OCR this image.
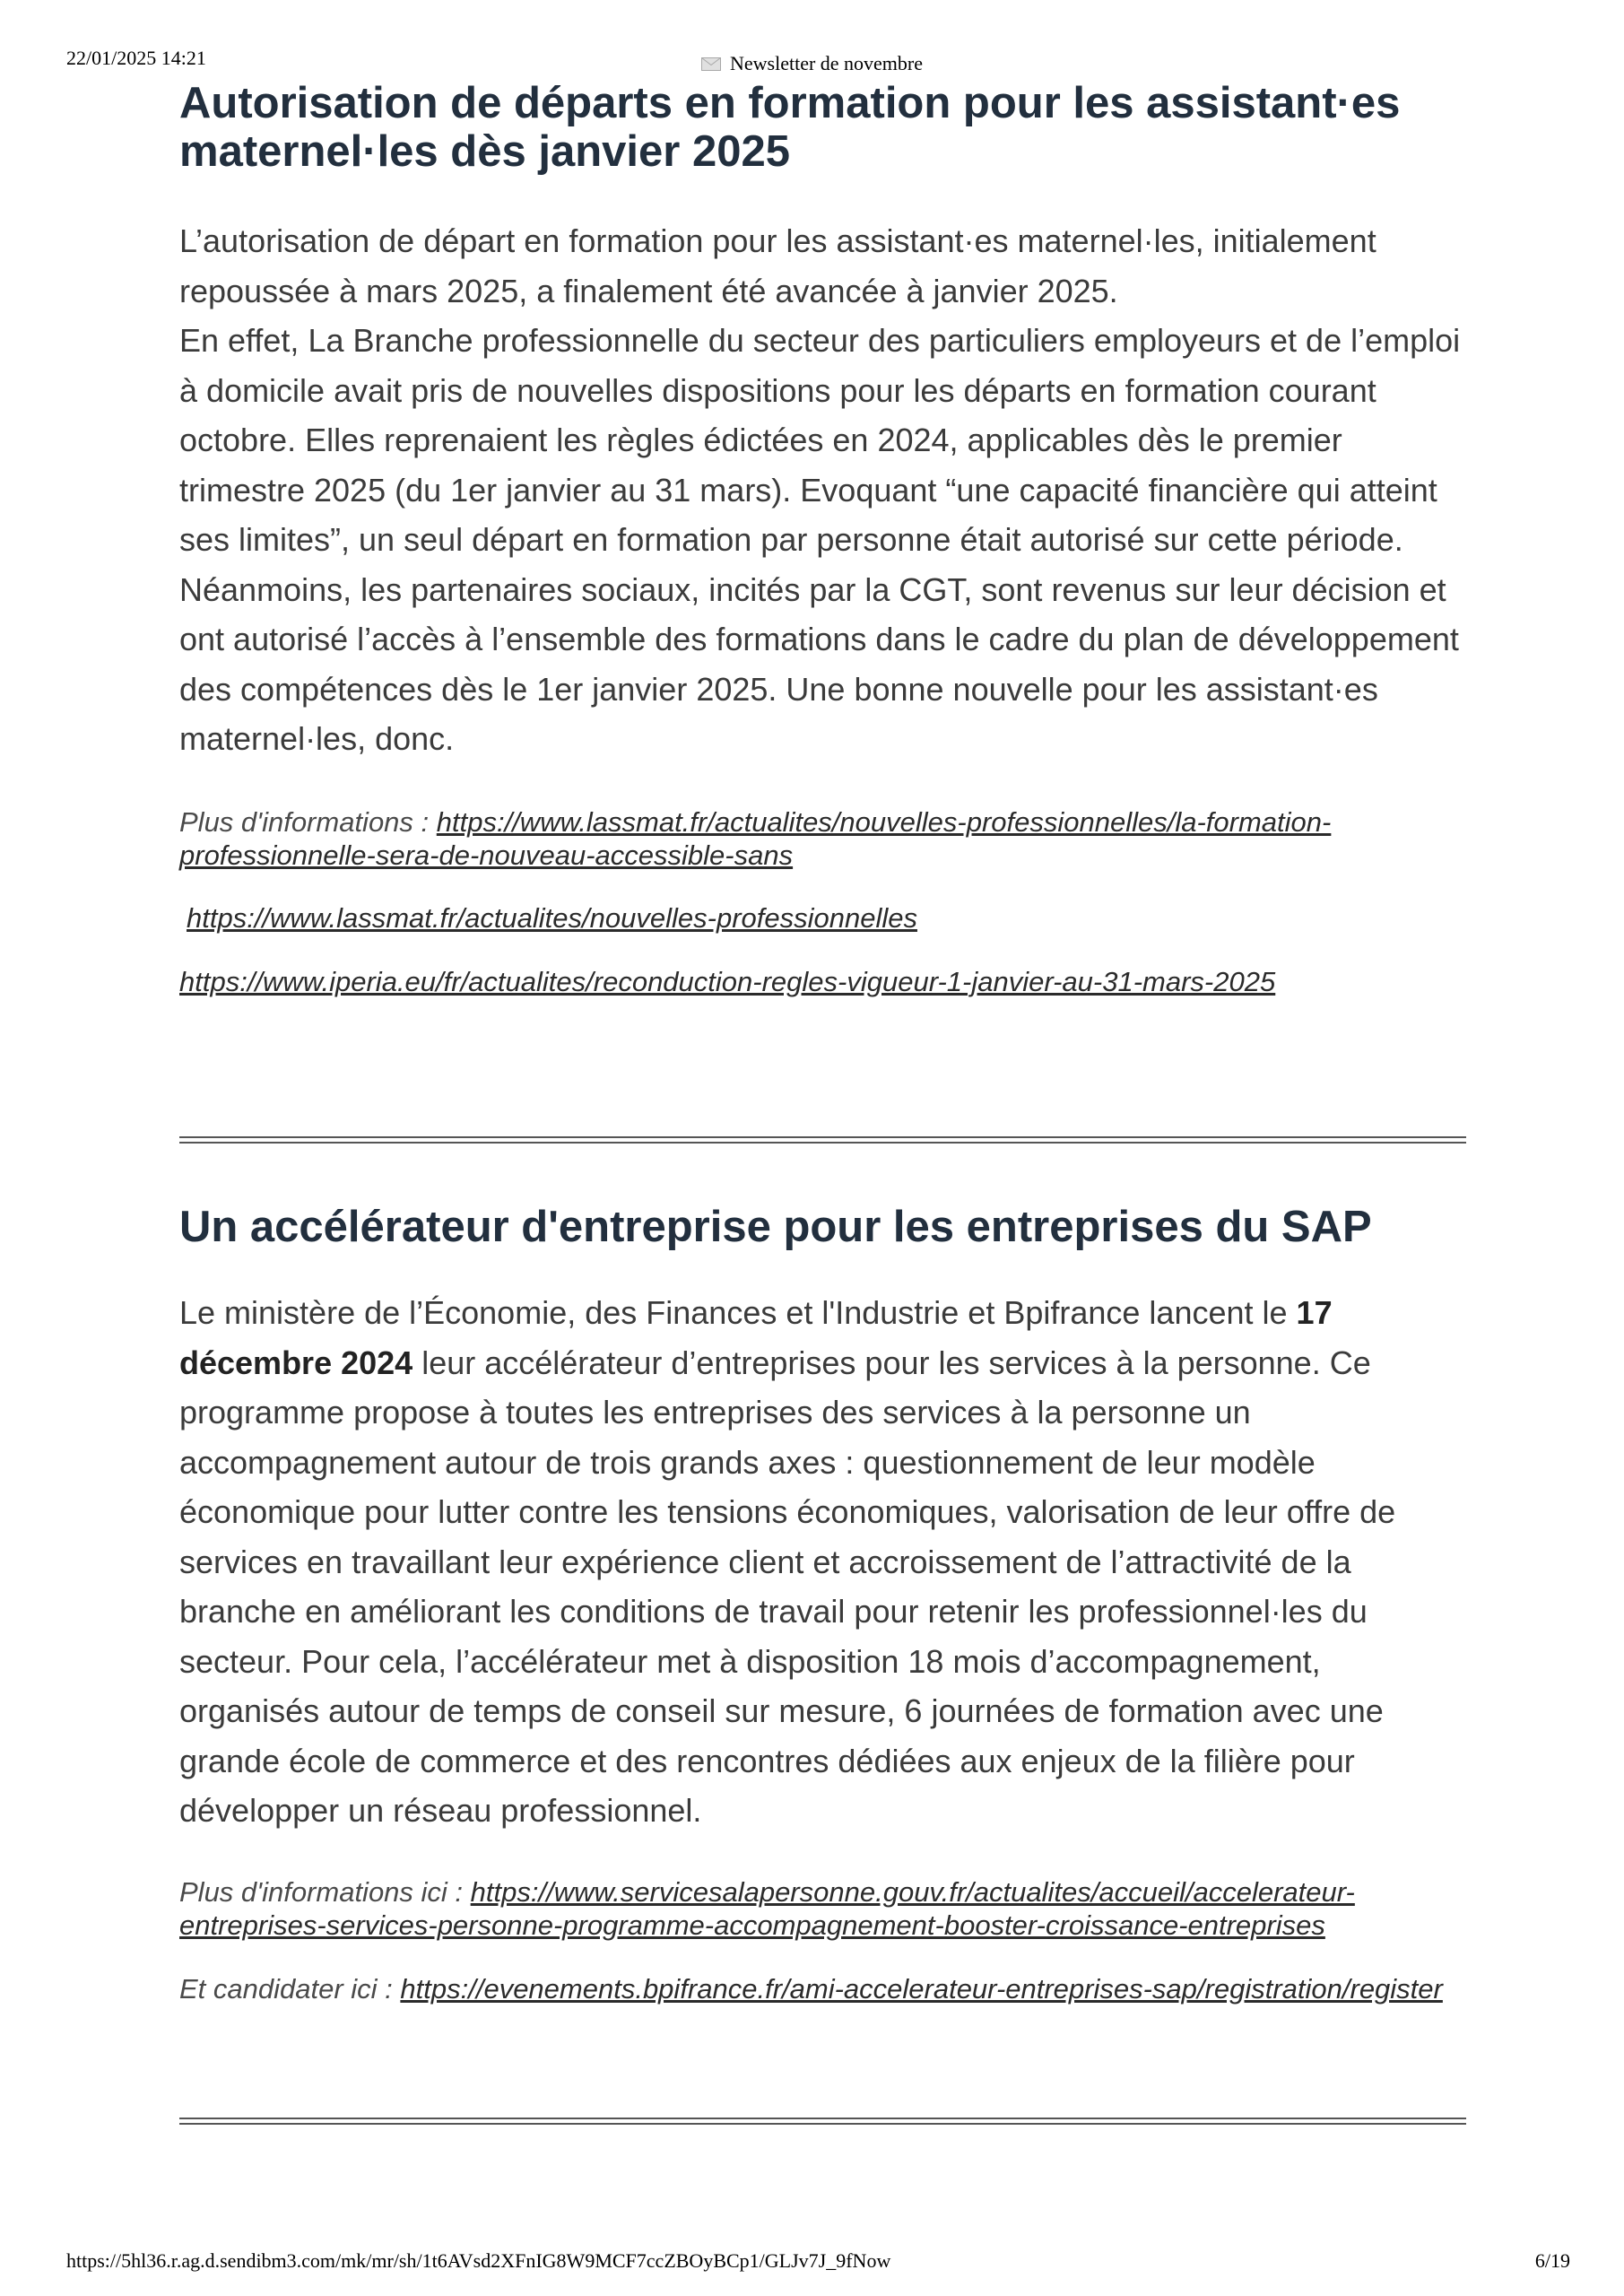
22/01/2025 14:21	Newsletter de novembre
Autorisation de départs en formation pour les assistant·es maternel·les dès janvier 2025

L’autorisation de départ en formation pour les assistant·es maternel·les, initialement repoussée à mars 2025, a finalement été avancée à janvier 2025.

En effet, La Branche professionnelle du secteur des particuliers employeurs et de l’emploi à domicile avait pris de nouvelles dispositions pour les départs en formation courant octobre. Elles reprenaient les règles édictées en 2024, applicables dès le premier trimestre 2025 (du 1er janvier au 31 mars). Evoquant “une capacité financière qui atteint ses limites”, un seul départ en formation par personne était autorisé sur cette période.

Néanmoins, les partenaires sociaux, incités par la CGT, sont revenus sur leur décision et ont autorisé l’accès à l’ensemble des formations dans le cadre du plan de développement des compétences dès le 1er janvier 2025. Une bonne nouvelle pour les assistant·es maternel·les, donc.

Plus d'informations : https://www.lassmat.fr/actualites/nouvelles-professionnelles/la-formation-professionnelle-sera-de-nouveau-accessible-sans

https://www.lassmat.fr/actualites/nouvelles-professionnelles

https://www.iperia.eu/fr/actualites/reconduction-regles-vigueur-1-janvier-au-31-mars-2025

Un accélérateur d'entreprise pour les entreprises du SAP

Le ministère de l’Économie, des Finances et l'Industrie et Bpifrance lancent le 17 décembre 2024 leur accélérateur d’entreprises pour les services à la personne. Ce programme propose à toutes les entreprises des services à la personne un accompagnement autour de trois grands axes : questionnement de leur modèle économique pour lutter contre les tensions économiques, valorisation de leur offre de services en travaillant leur expérience client et accroissement de l’attractivité de la branche en améliorant les conditions de travail pour retenir les professionnel·les du secteur. Pour cela, l’accélérateur met à disposition 18 mois d’accompagnement, organisés autour de temps de conseil sur mesure, 6 journées de formation avec une grande école de commerce et des rencontres dédiées aux enjeux de la filière pour développer un réseau professionnel.

Plus d'informations ici : https://www.servicesalapersonne.gouv.fr/actualites/accueil/accelerateur-entreprises-services-personne-programme-accompagnement-booster-croissance-entreprises

Et candidater ici : https://evenements.bpifrance.fr/ami-accelerateur-entreprises-sap/registration/register

https://5hl36.r.ag.d.sendibm3.com/mk/mr/sh/1t6AVsd2XFnIG8W9MCF7ccZBOyBCp1/GLJv7J_9fNow	6/19
